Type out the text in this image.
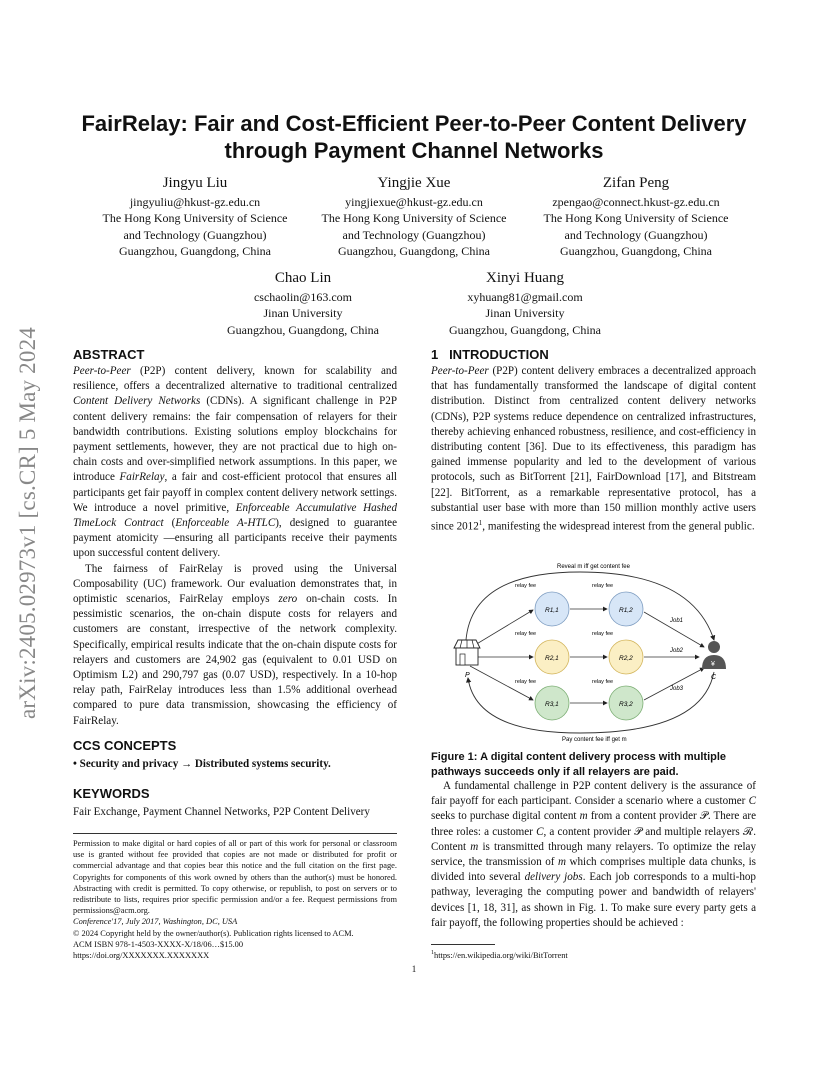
arXiv:2405.02973v1 [cs.CR] 5 May 2024
FairRelay: Fair and Cost-Efficient Peer-to-Peer Content Delivery
through Payment Channel Networks
Jingyu Liu
jingyuliu@hkust-gz.edu.cn
The Hong Kong University of Science
and Technology (Guangzhou)
Guangzhou, Guangdong, China
Yingjie Xue
yingjiexue@hkust-gz.edu.cn
The Hong Kong University of Science
and Technology (Guangzhou)
Guangzhou, Guangdong, China
Zifan Peng
zpengao@connect.hkust-gz.edu.cn
The Hong Kong University of Science
and Technology (Guangzhou)
Guangzhou, Guangdong, China
Chao Lin
cschaolin@163.com
Jinan University
Guangzhou, Guangdong, China
Xinyi Huang
xyhuang81@gmail.com
Jinan University
Guangzhou, Guangdong, China
ABSTRACT
Peer-to-Peer (P2P) content delivery, known for scalability and resilience, offers a decentralized alternative to traditional centralized Content Delivery Networks (CDNs). A significant challenge in P2P content delivery remains: the fair compensation of relayers for their bandwidth contributions. Existing solutions employ blockchains for payment settlements, however, they are not practical due to high on-chain costs and over-simplified network assumptions. In this paper, we introduce FairRelay, a fair and cost-efficient protocol that ensures all participants get fair payoff in complex content delivery network settings. We introduce a novel primitive, Enforceable Accumulative Hashed TimeLock Contract (Enforceable A-HTLC), designed to guarantee payment atomicity —ensuring all participants receive their payments upon successful content delivery.
The fairness of FairRelay is proved using the Universal Composability (UC) framework. Our evaluation demonstrates that, in optimistic scenarios, FairRelay employs zero on-chain costs. In pessimistic scenarios, the on-chain dispute costs for relayers and customers are constant, irrespective of the network complexity. Specifically, empirical results indicate that the on-chain dispute costs for relayers and customers are 24,902 gas (equivalent to 0.01 USD on Optimism L2) and 290,797 gas (0.07 USD), respectively. In a 10-hop relay path, FairRelay introduces less than 1.5% additional overhead compared to pure data transmission, showcasing the efficiency of FairRelay.
CCS CONCEPTS
• Security and privacy → Distributed systems security.
KEYWORDS
Fair Exchange, Payment Channel Networks, P2P Content Delivery
Permission to make digital or hard copies of all or part of this work for personal or classroom use is granted without fee provided that copies are not made or distributed for profit or commercial advantage and that copies bear this notice and the full citation on the first page. Copyrights for components of this work owned by others than the author(s) must be honored. Abstracting with credit is permitted. To copy otherwise, or republish, to post on servers or to redistribute to lists, requires prior specific permission and/or a fee. Request permissions from permissions@acm.org.
Conference'17, July 2017, Washington, DC, USA
© 2024 Copyright held by the owner/author(s). Publication rights licensed to ACM.
ACM ISBN 978-1-4503-XXXX-X/18/06…$15.00
https://doi.org/XXXXXXX.XXXXXXX
1   INTRODUCTION
Peer-to-Peer (P2P) content delivery embraces a decentralized approach that has fundamentally transformed the landscape of digital content distribution. Distinct from centralized content delivery networks (CDNs), P2P systems reduce dependence on centralized infrastructures, thereby achieving enhanced robustness, resilience, and cost-efficiency in distributing content [36]. Due to its effectiveness, this paradigm has gained immense popularity and led to the development of various protocols, such as BitTorrent [21], FairDownload [17], and Bitstream [22]. BitTorrent, as a remarkable representative protocol, has a substantial user base with more than 150 million monthly active users since 2012$^1$, manifesting the widespread interest from the general public.
Reveal m iff get content fee
Pay content fee iff get m
relay fee	relay fee
relay fee	relay fee
relay fee	relay fee
R1,1	R1,2
R2,1	R2,2
R3,1	R3,2
Job1
Job2
Job3
P
¥
C
Figure 1: A digital content delivery process with multiple pathways succeeds only if all relayers are paid.
A fundamental challenge in P2P content delivery is the assurance of fair payoff for each participant. Consider a scenario where a customer C seeks to purchase digital content m from a content provider 𝒫. There are three roles: a customer C, a content provider 𝒫 and multiple relayers ℛ. Content m is transmitted through many relayers. To optimize the relay service, the transmission of m which comprises multiple data chunks, is divided into several delivery jobs. Each job corresponds to a multi-hop pathway, leveraging the computing power and bandwidth of relayers' devices [1, 18, 31], as shown in Fig. 1. To make sure every party gets a fair payoff, the following properties should be achieved :
$^1$https://en.wikipedia.org/wiki/BitTorrent
1
